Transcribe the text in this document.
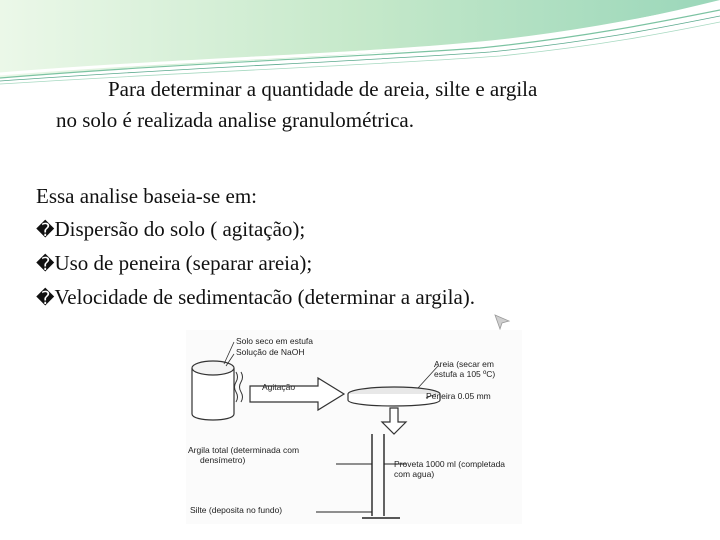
Para determinar a quantidade de areia, silte e argila
no solo é realizada analise granulométrica.
Essa analise baseia-se em:
�Dispersão do solo ( agitação);
�Uso de peneira (separar areia);
�Velocidade de sedimentacão (determinar a argila).
Solo seco em estufa
Solução de NaOH
Agitação
Areia (secar em
estufa a 105 ºC)
Peneira 0.05 mm
Argila total (determinada com
densímetro)	Proveta 1000 ml (completada
com agua)
Silte (deposita no fundo)
